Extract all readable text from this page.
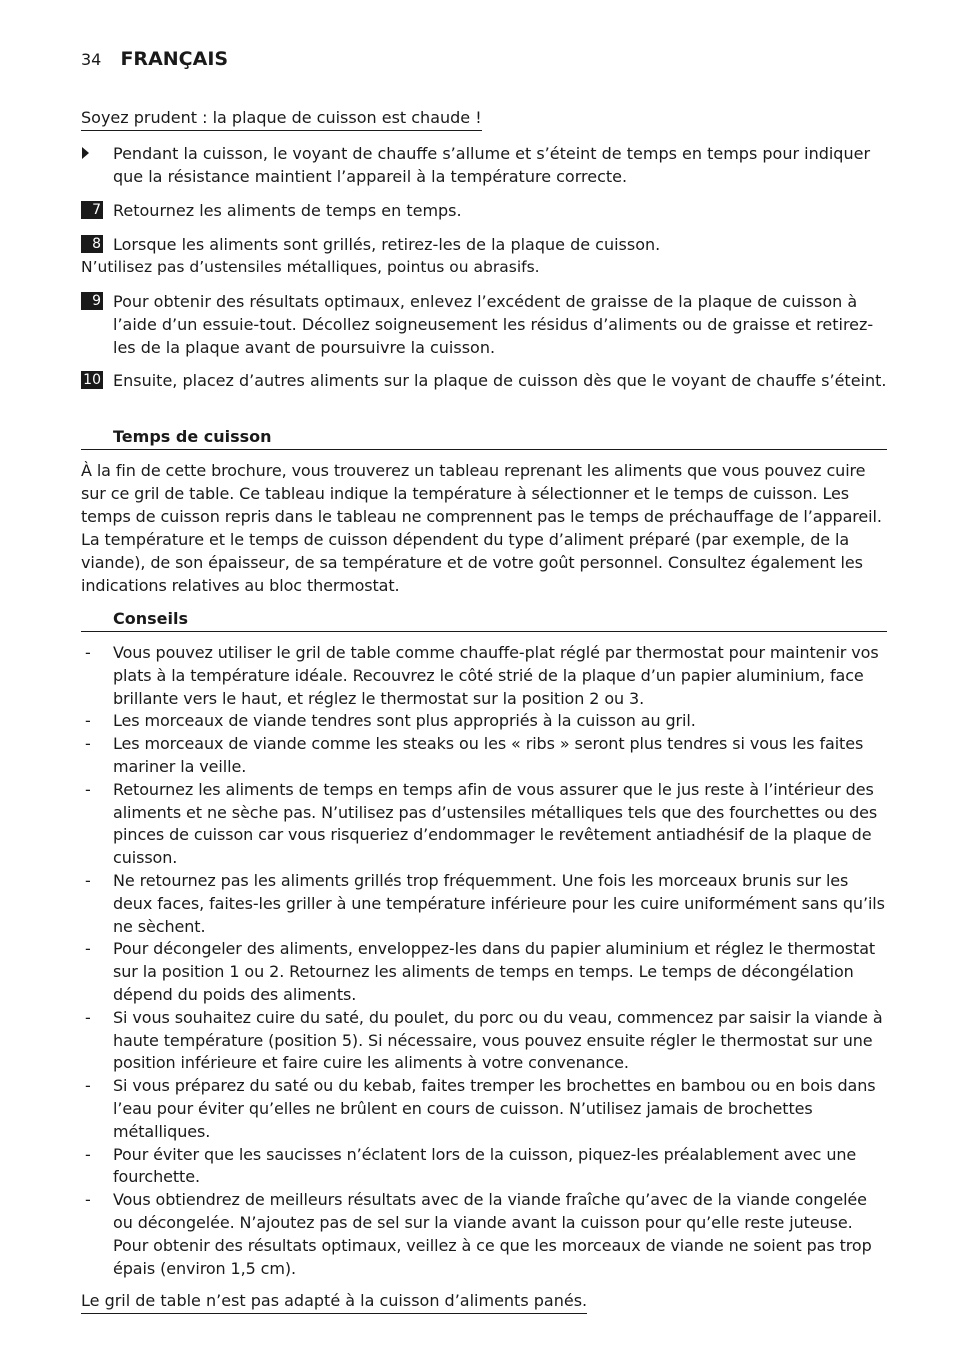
34 FRANÇAIS
Soyez prudent : la plaque de cuisson est chaude !
Pendant la cuisson, le voyant de chauffe s’allume et s’éteint de temps en temps pour indiquer que la résistance maintient l’appareil à la température correcte.
7 Retournez les aliments de temps en temps.
8 Lorsque les aliments sont grillés, retirez-les de la plaque de cuisson.
N’utilisez pas d’ustensiles métalliques, pointus ou abrasifs.
9 Pour obtenir des résultats optimaux, enlevez l’excédent de graisse de la plaque de cuisson à l’aide d’un essuie-tout. Décollez soigneusement les résidus d’aliments ou de graisse et retirez-les de la plaque avant de poursuivre la cuisson.
10 Ensuite, placez d’autres aliments sur la plaque de cuisson dès que le voyant de chauffe s’éteint.
Temps de cuisson
À la fin de cette brochure, vous trouverez un tableau reprenant les aliments que vous pouvez cuire sur ce gril de table. Ce tableau indique la température à sélectionner et le temps de cuisson. Les temps de cuisson repris dans le tableau ne comprennent pas le temps de préchauffage de l’appareil. La température et le temps de cuisson dépendent du type d’aliment préparé (par exemple, de la viande), de son épaisseur, de sa température et de votre goût personnel. Consultez également les indications relatives au bloc thermostat.
Conseils
- Vous pouvez utiliser le gril de table comme chauffe-plat réglé par thermostat pour maintenir vos plats à la température idéale. Recouvrez le côté strié de la plaque d’un papier aluminium, face brillante vers le haut, et réglez le thermostat sur la position 2 ou 3.
- Les morceaux de viande tendres sont plus appropriés à la cuisson au gril.
- Les morceaux de viande comme les steaks ou les « ribs » seront plus tendres si vous les faites mariner la veille.
- Retournez les aliments de temps en temps afin de vous assurer que le jus reste à l’intérieur des aliments et ne sèche pas. N’utilisez pas d’ustensiles métalliques tels que des fourchettes ou des pinces de cuisson car vous risqueriez d’endommager le revêtement antiadhésif de la plaque de cuisson.
- Ne retournez pas les aliments grillés trop fréquemment. Une fois les morceaux brunis sur les deux faces, faites-les griller à une température inférieure pour les cuire uniformément sans qu’ils ne sèchent.
- Pour décongeler des aliments, enveloppez-les dans du papier aluminium et réglez le thermostat sur la position 1 ou 2. Retournez les aliments de temps en temps. Le temps de décongélation dépend du poids des aliments.
- Si vous souhaitez cuire du saté, du poulet, du porc ou du veau, commencez par saisir la viande à haute température (position 5). Si nécessaire, vous pouvez ensuite régler le thermostat sur une position inférieure et faire cuire les aliments à votre convenance.
- Si vous préparez du saté ou du kebab, faites tremper les brochettes en bambou ou en bois dans l’eau pour éviter qu’elles ne brûlent en cours de cuisson. N’utilisez jamais de brochettes métalliques.
- Pour éviter que les saucisses n’éclatent lors de la cuisson, piquez-les préalablement avec une fourchette.
- Vous obtiendrez de meilleurs résultats avec de la viande fraîche qu’avec de la viande congelée ou décongelée. N’ajoutez pas de sel sur la viande avant la cuisson pour qu’elle reste juteuse. Pour obtenir des résultats optimaux, veillez à ce que les morceaux de viande ne soient pas trop épais (environ 1,5 cm).
Le gril de table n’est pas adapté à la cuisson d’aliments panés.
